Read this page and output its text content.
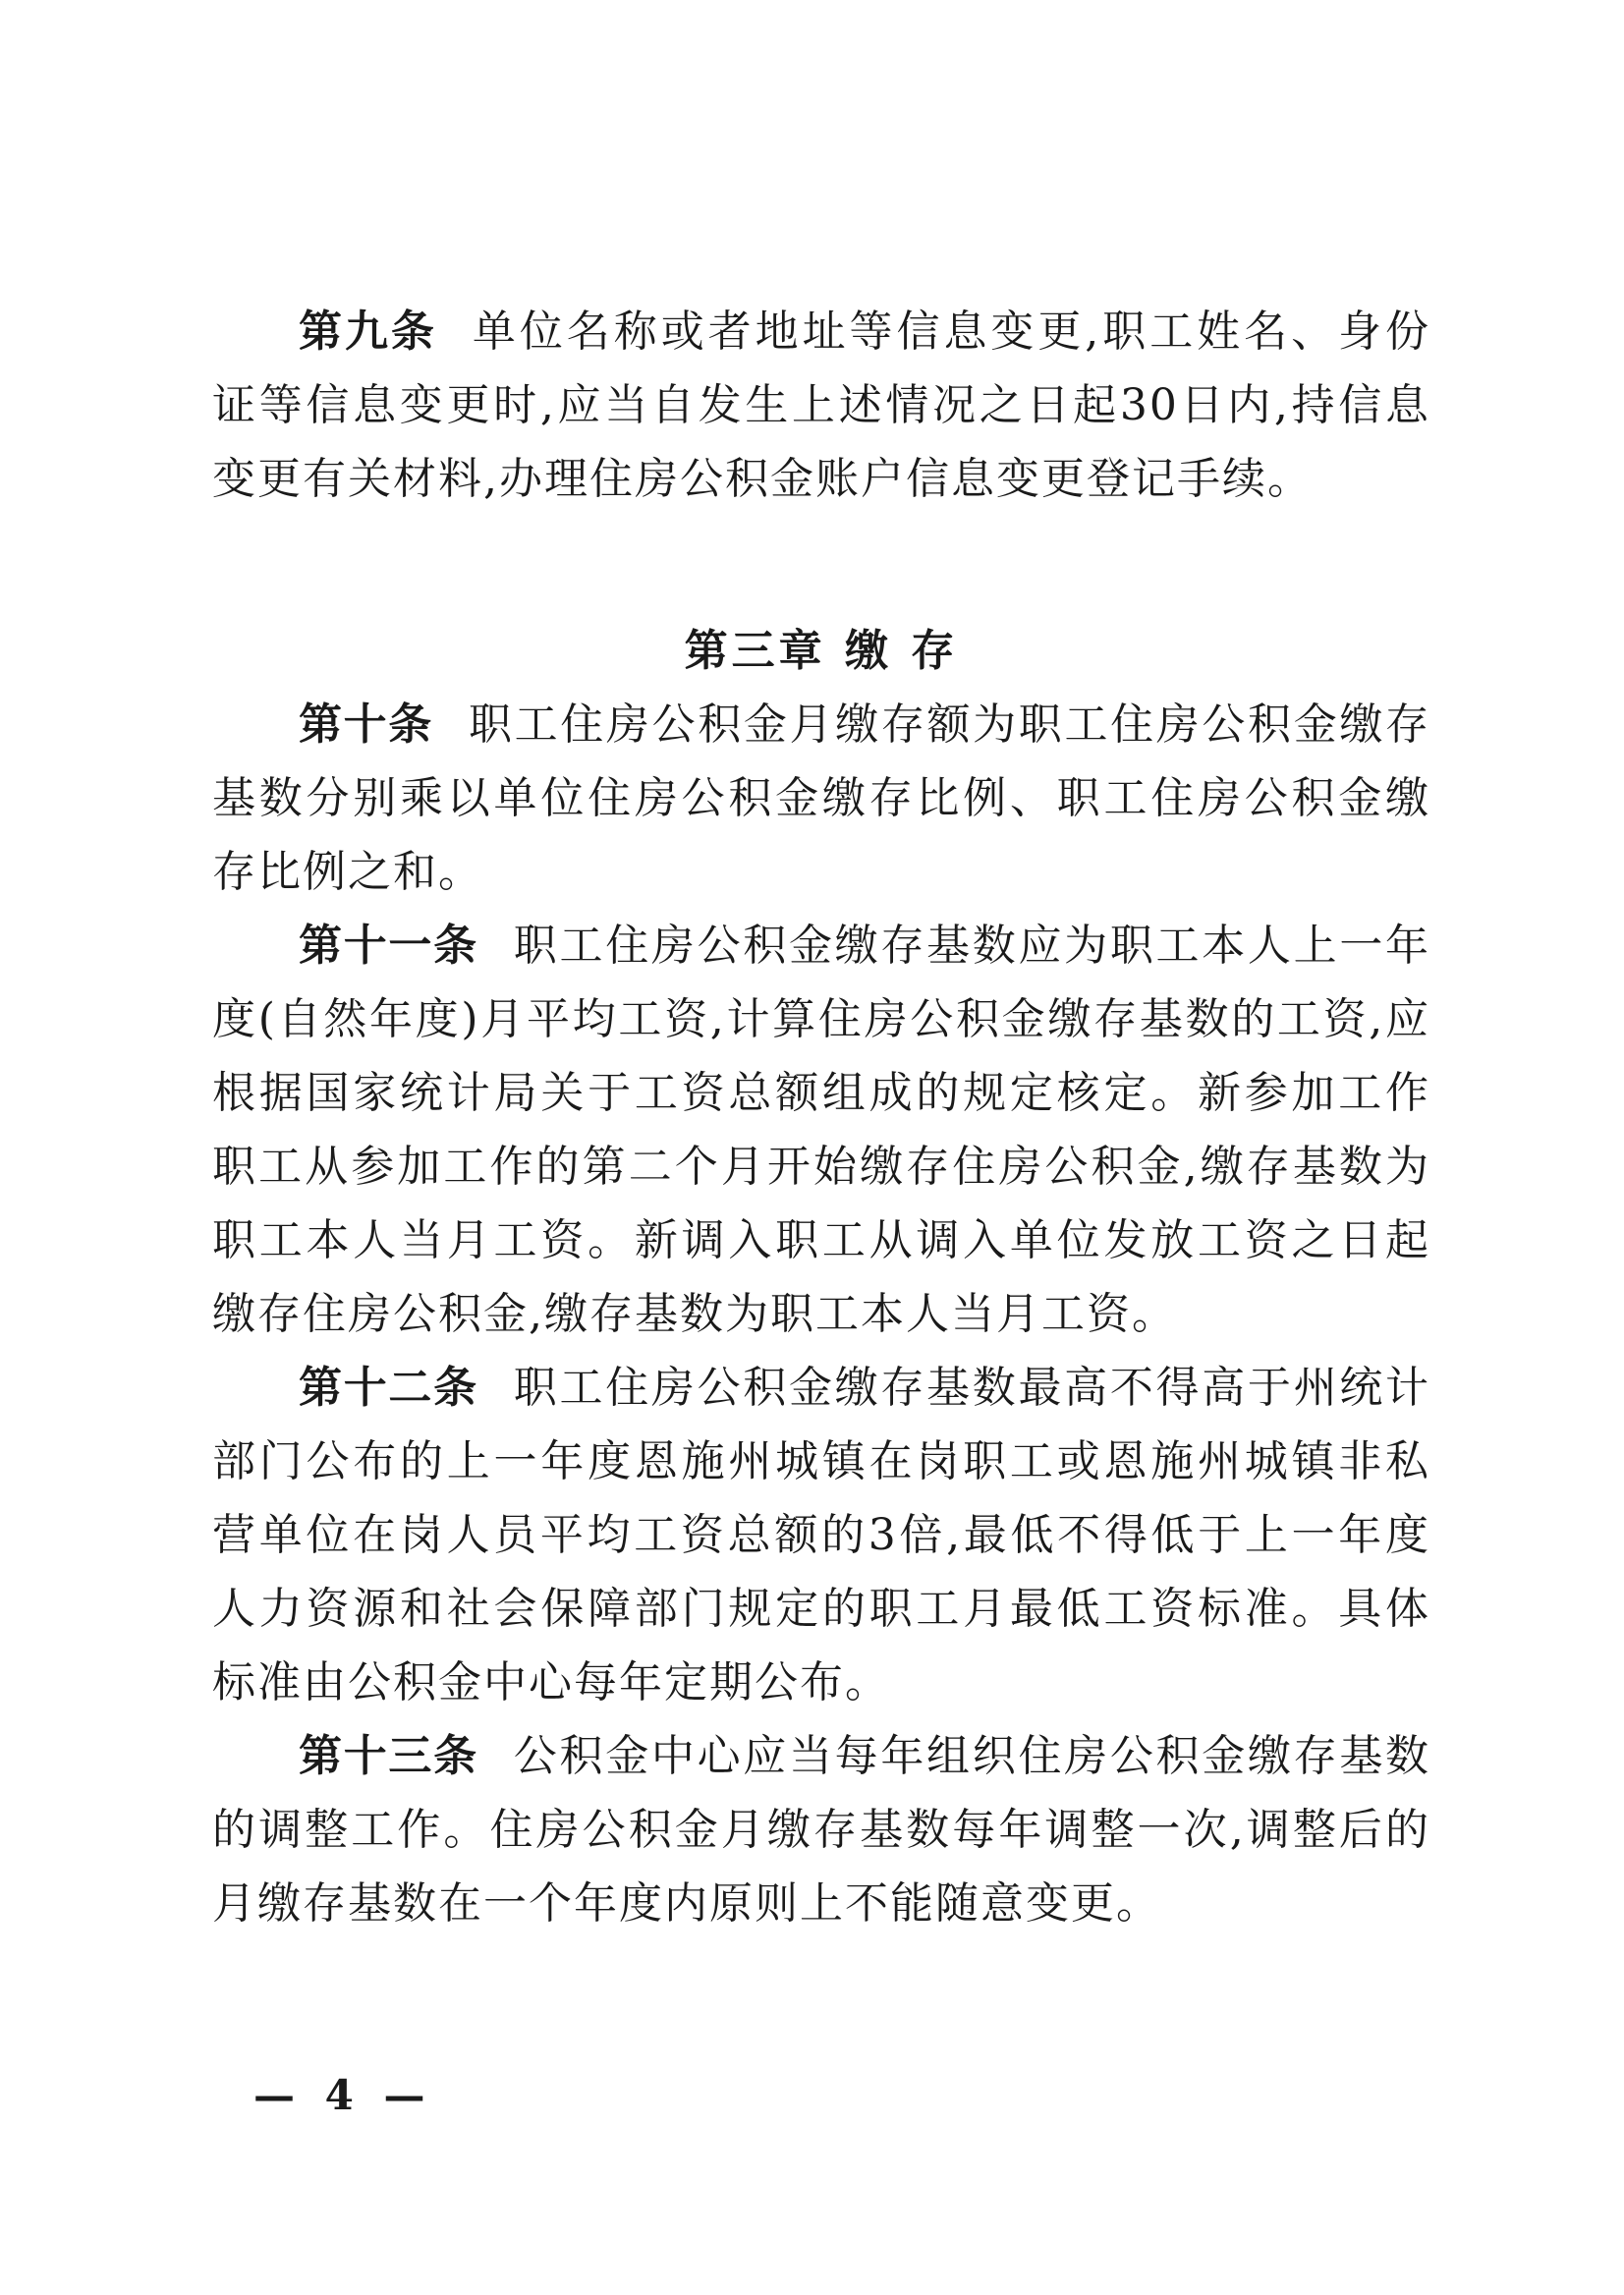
第九条 单位名称或者地址等信息变更,职工姓名、身份证等信息变更时,应当自发生上述情况之日起30日内,持信息变更有关材料,办理住房公积金账户信息变更登记手续。

第三章 缴 存

第十条 职工住房公积金月缴存额为职工住房公积金缴存基数分别乘以单位住房公积金缴存比例、职工住房公积金缴存比例之和。

第十一条 职工住房公积金缴存基数应为职工本人上一年度(自然年度)月平均工资,计算住房公积金缴存基数的工资,应根据国家统计局关于工资总额组成的规定核定。新参加工作职工从参加工作的第二个月开始缴存住房公积金,缴存基数为职工本人当月工资。新调入职工从调入单位发放工资之日起缴存住房公积金,缴存基数为职工本人当月工资。

第十二条 职工住房公积金缴存基数最高不得高于州统计部门公布的上一年度恩施州城镇在岗职工或恩施州城镇非私营单位在岗人员平均工资总额的3倍,最低不得低于上一年度人力资源和社会保障部门规定的职工月最低工资标准。具体标准由公积金中心每年定期公布。

第十三条 公积金中心应当每年组织住房公积金缴存基数的调整工作。住房公积金月缴存基数每年调整一次,调整后的月缴存基数在一个年度内原则上不能随意变更。

— 4 —
